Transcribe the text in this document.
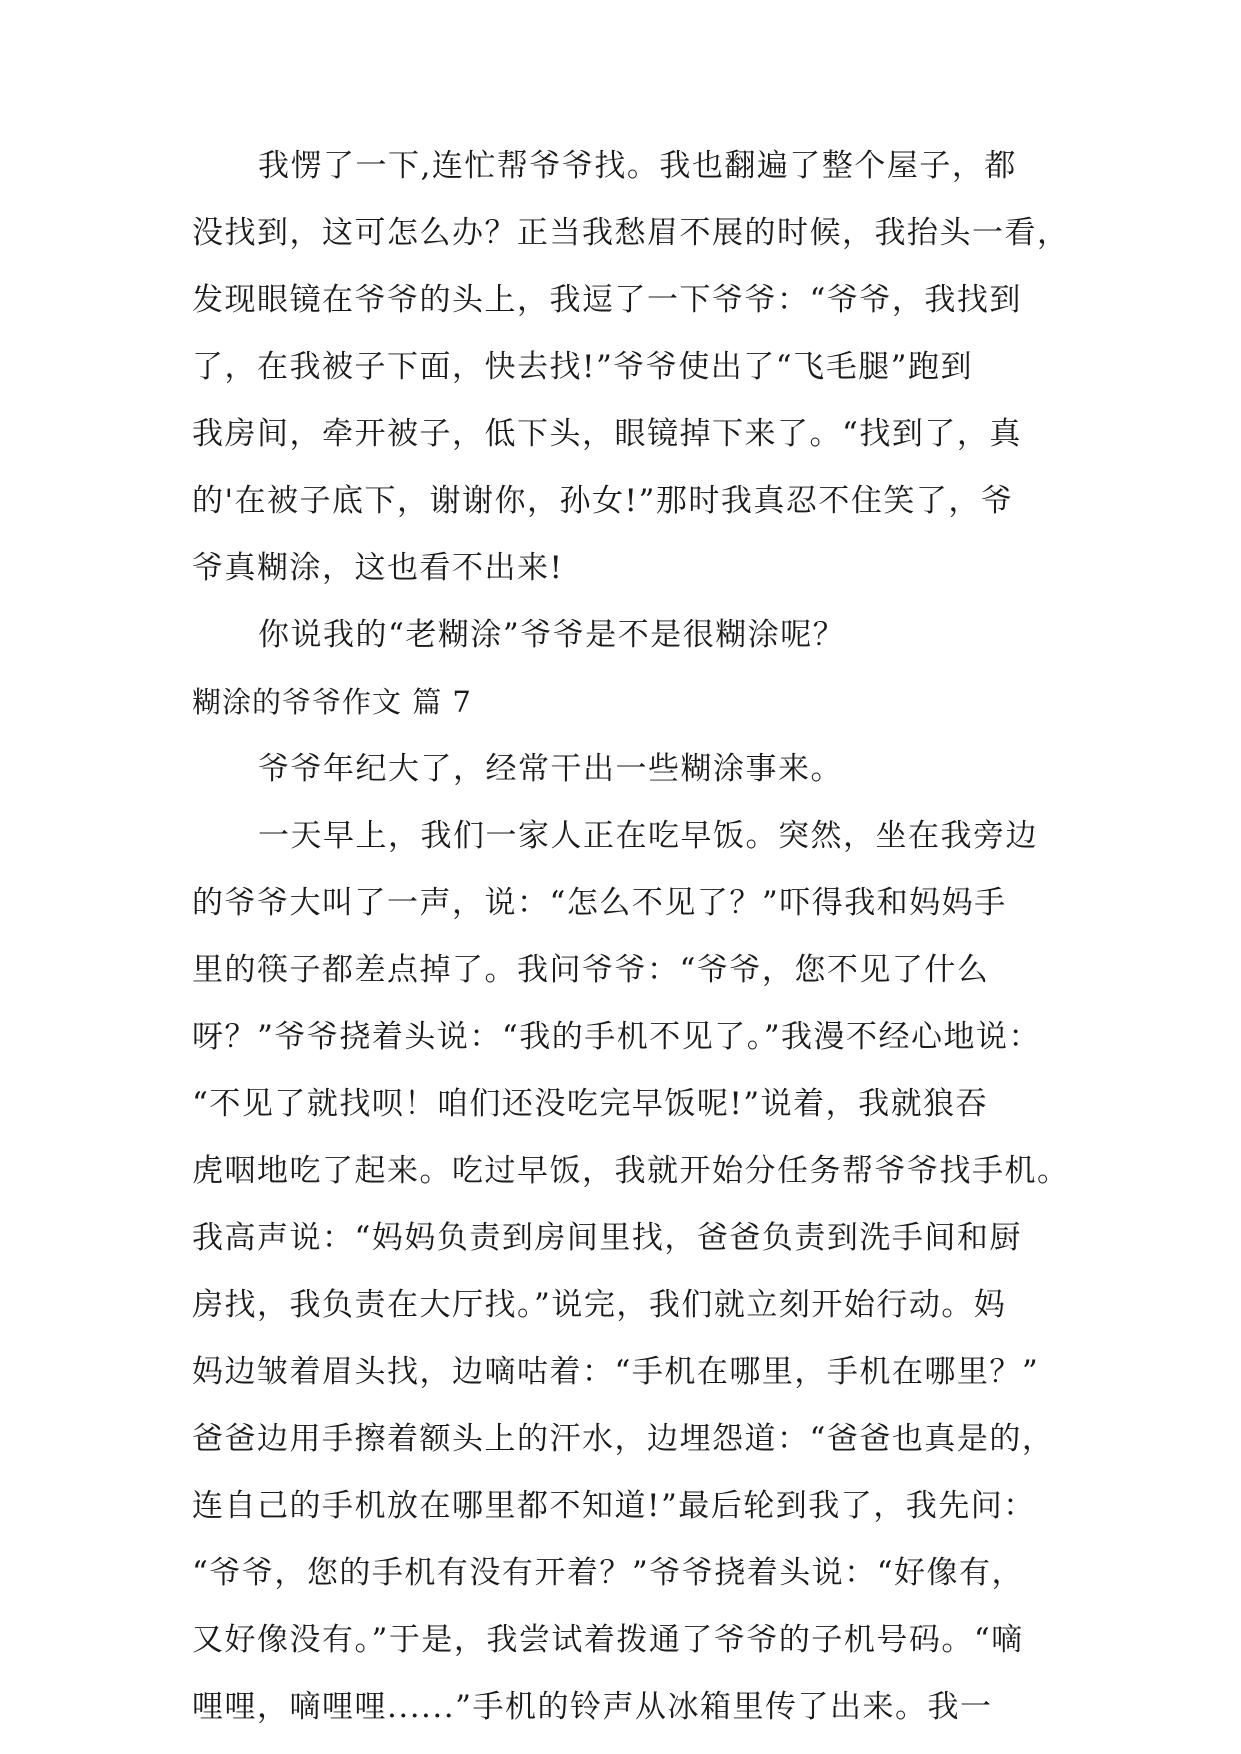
我愣了一下,连忙帮爷爷找。我也翻遍了整个屋子，都
没找到，这可怎么办？正当我愁眉不展的时候，我抬头一看，
发现眼镜在爷爷的头上，我逗了一下爷爷：“爷爷，我找到
了，在我被子下面，快去找!”爷爷使出了“飞毛腿”跑到
我房间，牵开被子，低下头，眼镜掉下来了。“找到了，真
的'在被子底下，谢谢你，孙女!”那时我真忍不住笑了，爷
爷真糊涂，这也看不出来!
你说我的“老糊涂”爷爷是不是很糊涂呢？
糊涂的爷爷作文 篇 7
爷爷年纪大了，经常干出一些糊涂事来。
一天早上，我们一家人正在吃早饭。突然，坐在我旁边
的爷爷大叫了一声，说：“怎么不见了？”吓得我和妈妈手
里的筷子都差点掉了。我问爷爷：“爷爷，您不见了什么
呀？”爷爷挠着头说：“我的手机不见了。”我漫不经心地说：
“不见了就找呗！咱们还没吃完早饭呢!”说着，我就狼吞
虎咽地吃了起来。吃过早饭，我就开始分任务帮爷爷找手机。
我高声说：“妈妈负责到房间里找，爸爸负责到洗手间和厨
房找，我负责在大厅找。”说完，我们就立刻开始行动。妈
妈边皱着眉头找，边嘀咕着：“手机在哪里，手机在哪里？”
爸爸边用手擦着额头上的汗水，边埋怨道：“爸爸也真是的，
连自己的手机放在哪里都不知道!”最后轮到我了，我先问：
“爷爷，您的手机有没有开着？”爷爷挠着头说：“好像有，
又好像没有。”于是，我尝试着拨通了爷爷的子机号码。“嘀
哩哩，嘀哩哩......”手机的铃声从冰箱里传了出来。我一
